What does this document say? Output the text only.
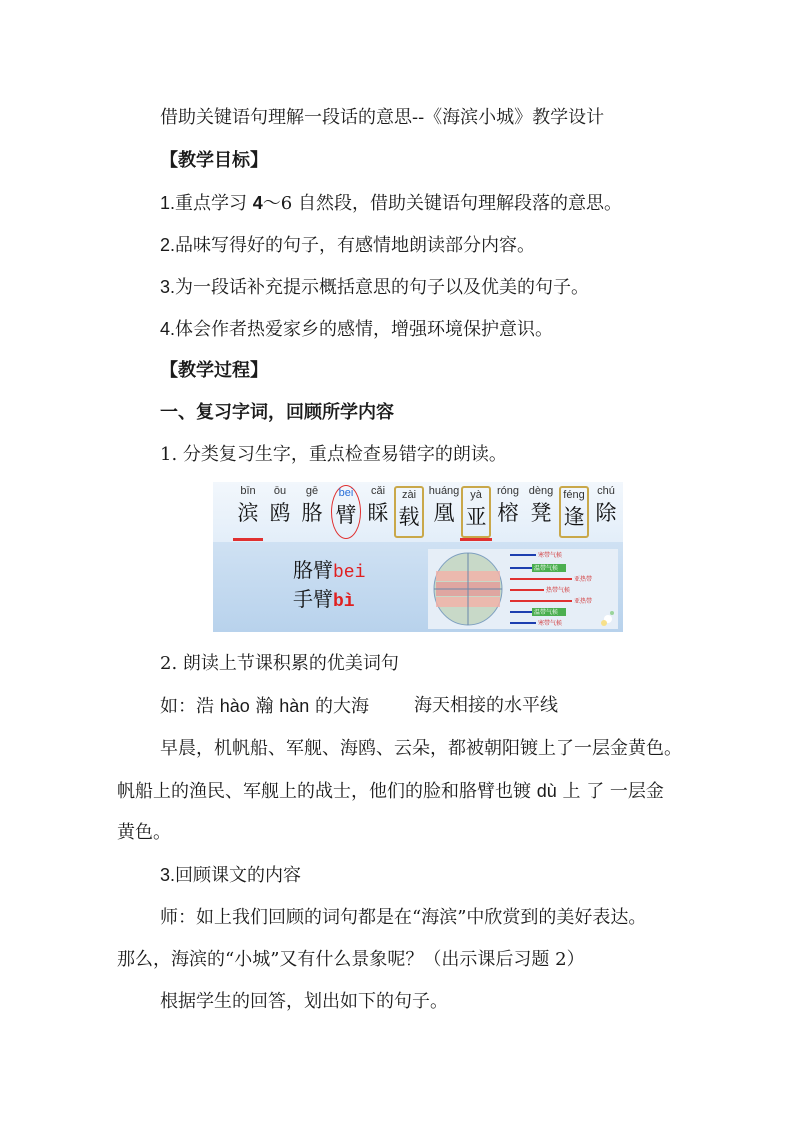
借助关键语句理解一段话的意思--《海滨小城》教学设计
【教学目标】
1.重点学习 4～6 自然段，借助关键语句理解段落的意思。
2.品味写得好的句子，有感情地朗读部分内容。
3.为一段话补充提示概括意思的句子以及优美的句子。
4.体会作者热爱家乡的感情，增强环境保护意识。
【教学过程】
一、复习字词，回顾所学内容
1. 分类复习生字，重点检查易错字的朗读。
bīn
滨
ōu
鸥
gē
胳
bei
臂
cǎi
睬
zài
载
huáng
凰
yà
亚
róng
榕
dèng
凳
féng
逢
chú
除
胳臂bei
手臂bì
寒带气候
温带气候
亚热带
热带气候
亚热带
温带气候
寒带气候
2. 朗读上节课积累的优美词句
如：浩 hào 瀚 hàn 的大海 海天相接的水平线
早晨，机帆船、军舰、海鸥、云朵，都被朝阳镀上了一层金黄色。
帆船上的渔民、军舰上的战士，他们的脸和胳臂也镀 dù 上 了 一层金
黄色。
3.回顾课文的内容
师：如上我们回顾的词句都是在“海滨”中欣赏到的美好表达。
那么，海滨的“小城”又有什么景象呢？（出示课后习题 2）
根据学生的回答，划出如下的句子。
